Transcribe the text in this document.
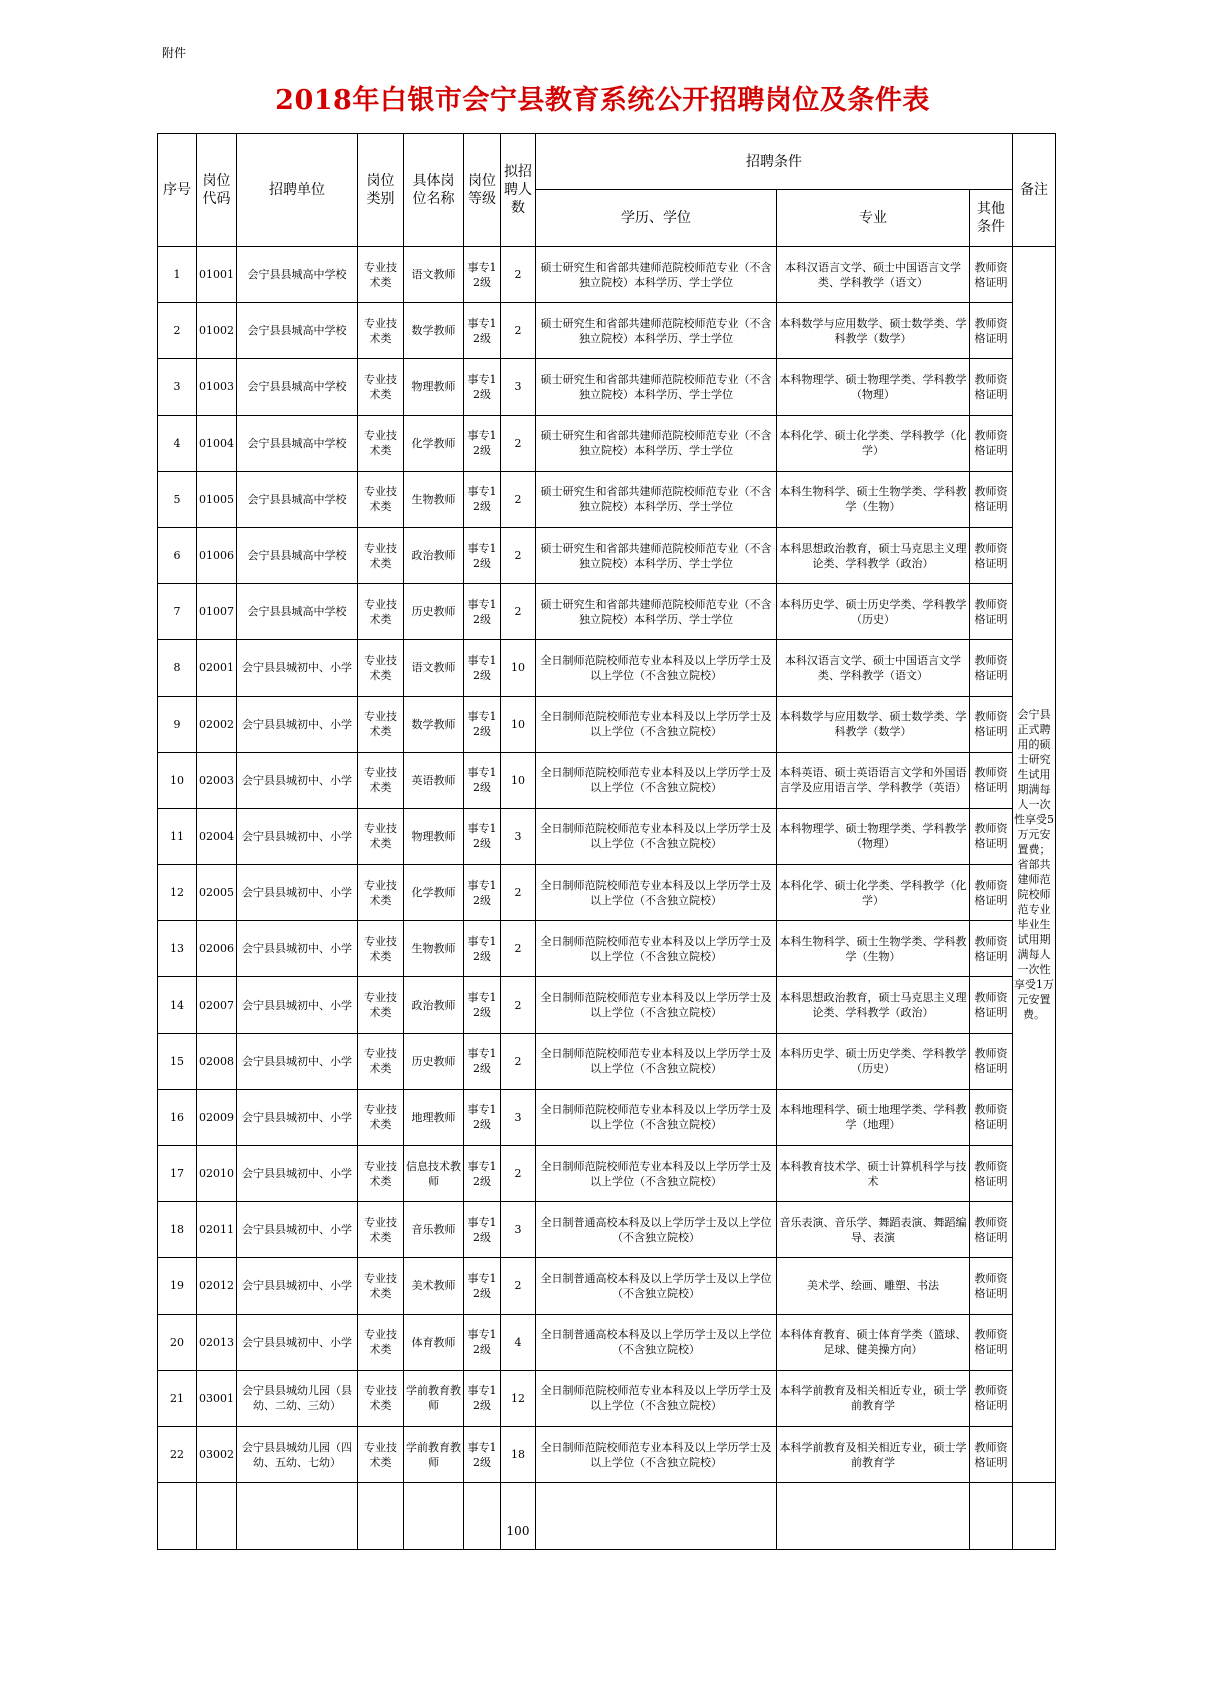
附件
2018年白银市会宁县教育系统公开招聘岗位及条件表
序号	岗位代码	招聘单位	岗位类别	具体岗位名称	岗位等级	拟招聘人数	招聘条件			备注
							学历、学位	专业	其他条件	
1	01001	会宁县县城高中学校	专业技术类	语文教师	事专12级	2	硕士研究生和省部共建师范院校师范专业（不含独立院校）本科学历、学士学位	本科汉语言文学、硕士中国语言文学类、学科教学（语文）	教师资格证明	会宁县正式聘用的硕士研究生试用期满每人一次性享受5万元安置费；省部共建师范院校师范专业毕业生试用期满每人一次性享受1万元安置费。
2	01002	会宁县县城高中学校	专业技术类	数学教师	事专12级	2	硕士研究生和省部共建师范院校师范专业（不含独立院校）本科学历、学士学位	本科数学与应用数学、硕士数学类、学科教学（数学）	教师资格证明	
3	01003	会宁县县城高中学校	专业技术类	物理教师	事专12级	3	硕士研究生和省部共建师范院校师范专业（不含独立院校）本科学历、学士学位	本科物理学、硕士物理学类、学科教学（物理）	教师资格证明	
4	01004	会宁县县城高中学校	专业技术类	化学教师	事专12级	2	硕士研究生和省部共建师范院校师范专业（不含独立院校）本科学历、学士学位	本科化学、硕士化学类、学科教学（化学）	教师资格证明	
5	01005	会宁县县城高中学校	专业技术类	生物教师	事专12级	2	硕士研究生和省部共建师范院校师范专业（不含独立院校）本科学历、学士学位	本科生物科学、硕士生物学类、学科教学（生物）	教师资格证明	
6	01006	会宁县县城高中学校	专业技术类	政治教师	事专12级	2	硕士研究生和省部共建师范院校师范专业（不含独立院校）本科学历、学士学位	本科思想政治教育，硕士马克思主义理论类、学科教学（政治）	教师资格证明	
7	01007	会宁县县城高中学校	专业技术类	历史教师	事专12级	2	硕士研究生和省部共建师范院校师范专业（不含独立院校）本科学历、学士学位	本科历史学、硕士历史学类、学科教学（历史）	教师资格证明	
8	02001	会宁县县城初中、小学	专业技术类	语文教师	事专12级	10	全日制师范院校师范专业本科及以上学历学士及以上学位（不含独立院校）	本科汉语言文学、硕士中国语言文学类、学科教学（语文）	教师资格证明	
9	02002	会宁县县城初中、小学	专业技术类	数学教师	事专12级	10	全日制师范院校师范专业本科及以上学历学士及以上学位（不含独立院校）	本科数学与应用数学、硕士数学类、学科教学（数学）	教师资格证明	
10	02003	会宁县县城初中、小学	专业技术类	英语教师	事专12级	10	全日制师范院校师范专业本科及以上学历学士及以上学位（不含独立院校）	本科英语、硕士英语语言文学和外国语言学及应用语言学、学科教学（英语）	教师资格证明	
11	02004	会宁县县城初中、小学	专业技术类	物理教师	事专12级	3	全日制师范院校师范专业本科及以上学历学士及以上学位（不含独立院校）	本科物理学、硕士物理学类、学科教学（物理）	教师资格证明	
12	02005	会宁县县城初中、小学	专业技术类	化学教师	事专12级	2	全日制师范院校师范专业本科及以上学历学士及以上学位（不含独立院校）	本科化学、硕士化学类、学科教学（化学）	教师资格证明	
13	02006	会宁县县城初中、小学	专业技术类	生物教师	事专12级	2	全日制师范院校师范专业本科及以上学历学士及以上学位（不含独立院校）	本科生物科学、硕士生物学类、学科教学（生物）	教师资格证明	
14	02007	会宁县县城初中、小学	专业技术类	政治教师	事专12级	2	全日制师范院校师范专业本科及以上学历学士及以上学位（不含独立院校）	本科思想政治教育，硕士马克思主义理论类、学科教学（政治）	教师资格证明	
15	02008	会宁县县城初中、小学	专业技术类	历史教师	事专12级	2	全日制师范院校师范专业本科及以上学历学士及以上学位（不含独立院校）	本科历史学、硕士历史学类、学科教学（历史）	教师资格证明	
16	02009	会宁县县城初中、小学	专业技术类	地理教师	事专12级	3	全日制师范院校师范专业本科及以上学历学士及以上学位（不含独立院校）	本科地理科学、硕士地理学类、学科教学（地理）	教师资格证明	
17	02010	会宁县县城初中、小学	专业技术类	信息技术教师	事专12级	2	全日制师范院校师范专业本科及以上学历学士及以上学位（不含独立院校）	本科教育技术学、硕士计算机科学与技术	教师资格证明	
18	02011	会宁县县城初中、小学	专业技术类	音乐教师	事专12级	3	全日制普通高校本科及以上学历学士及以上学位（不含独立院校）	音乐表演、音乐学、舞蹈表演、舞蹈编导、表演	教师资格证明	
19	02012	会宁县县城初中、小学	专业技术类	美术教师	事专12级	2	全日制普通高校本科及以上学历学士及以上学位（不含独立院校）	美术学、绘画、雕塑、书法	教师资格证明	
20	02013	会宁县县城初中、小学	专业技术类	体育教师	事专12级	4	全日制普通高校本科及以上学历学士及以上学位（不含独立院校）	本科体育教育、硕士体育学类（篮球、足球、健美操方向）	教师资格证明	
21	03001	会宁县县城幼儿园（县幼、二幼、三幼）	专业技术类	学前教育教师	事专12级	12	全日制师范院校师范专业本科及以上学历学士及以上学位（不含独立院校）	本科学前教育及相关相近专业，硕士学前教育学	教师资格证明	
22	03002	会宁县县城幼儿园（四幼、五幼、七幼）	专业技术类	学前教育教师	事专12级	18	全日制师范院校师范专业本科及以上学历学士及以上学位（不含独立院校）	本科学前教育及相关相近专业，硕士学前教育学	教师资格证明	
						100				
